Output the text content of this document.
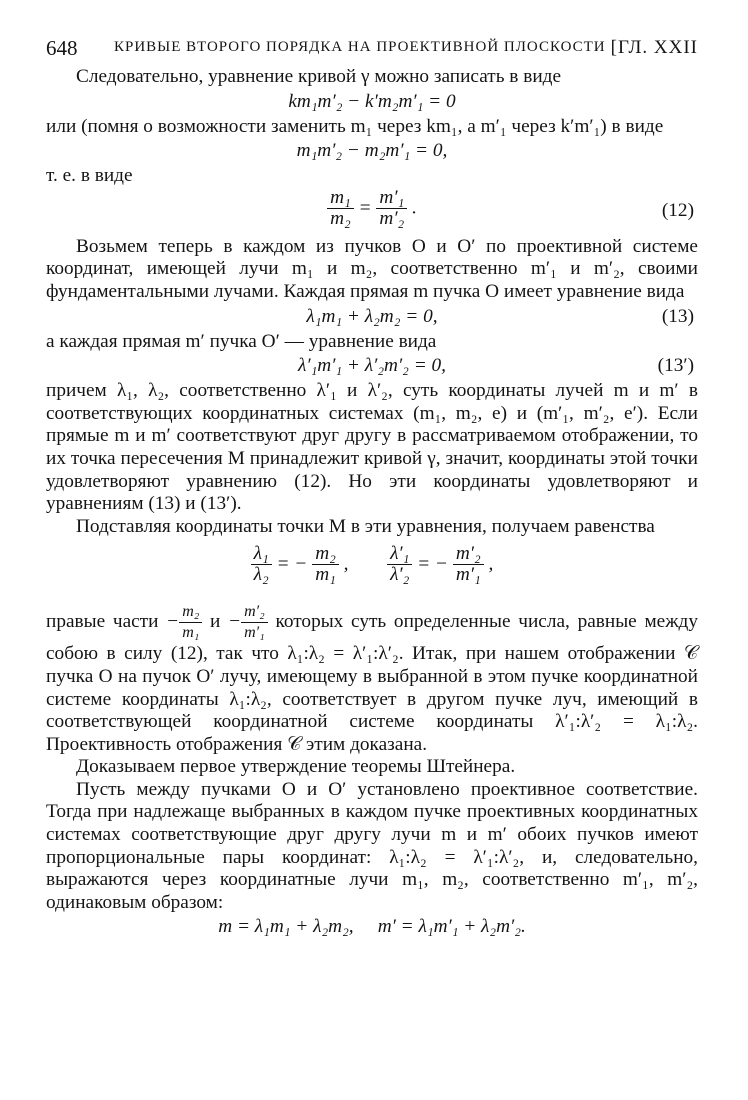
648 КРИВЫЕ ВТОРОГО ПОРЯДКА НА ПРОЕКТИВНОЙ ПЛОСКОСТИ [ГЛ. XXII

Следовательно, уравнение кривой γ можно записать в виде

km₁m′₂ − k′m₂m′₁ = 0

или (помня о возможности заменить m₁ через km₁, а m′₁ через k′m′₁) в виде

m₁m′₂ − m₂m′₁ = 0,

т. е. в виде

$\frac{\text{m₁}}{\text{m₂}} = \frac{\text{m′₁}}{\text{m′₂}}$ .	(12)

Возьмем теперь в каждом из пучков O и O′ по проективной системе координат, имеющей лучи m₁ и m₂, соответственно m′₁ и m′₂, своими фундаментальными лучами. Каждая прямая m пучка O имеет уравнение вида

λ₁m₁ + λ₂m₂ = 0,	(13)

а каждая прямая m′ пучка O′ — уравнение вида

λ′₁m′₁ + λ′₂m′₂ = 0,	(13′)

причем λ₁, λ₂, соответственно λ′₁ и λ′₂, суть координаты лучей m и m′ в соответствующих координатных системах (m₁, m₂, e) и (m′₁, m′₂, e′). Если прямые m и m′ соответствуют друг другу в рассматриваемом отображении, то их точка пересечения M принадлежит кривой γ, значит, координаты этой точки удовлетворяют уравнению (12). Но эти координаты удовлетворяют и уравнениям (13) и (13′).

Подставляя координаты точки M в эти уравнения, получаем равенства

$\frac{\text{λ₁}}{\text{λ₂}}$ = − $\frac{\text{m₂}}{\text{m₁}}$ , $\frac{\text{λ′₁}}{\text{λ′₂}}$ = − $\frac{\text{m′₂}}{\text{m′₁}}$ ,

правые части − $\frac{\text{m₂}}{\text{m₁}}$ $и - \frac{\text{m′₂}}{\text{m′₁}}$ которых суть определенные числа, равные между собою в силу (12), так что λ₁:λ₂ = λ′₁:λ′₂. Итак, при нашем отображении 𝒞 пучка O на пучок O′ лучу, имеющему в выбранной в этом пучке координатной системе координаты λ₁:λ₂, соответствует в другом пучке луч, имеющий в соответствующей координатной системе координаты λ′₁:λ′₂ = λ₁:λ₂. Проективность отображения 𝒞 этим доказана.

Доказываем первое утверждение теоремы Штейнера.

Пусть между пучками O и O′ установлено проективное соответствие. Тогда при надлежаще выбранных в каждом пучке проективных координатных системах соответствующие друг другу лучи m и m′ обоих пучков имеют пропорциональные пары координат: λ₁:λ₂ = λ′₁:λ′₂, и, следовательно, выражаются через координатные лучи m₁, m₂, соответственно m′₁, m′₂, одинаковым образом:

m = λ₁m₁ + λ₂m₂,     m′ = λ₁m′₁ + λ₂m′₂.
